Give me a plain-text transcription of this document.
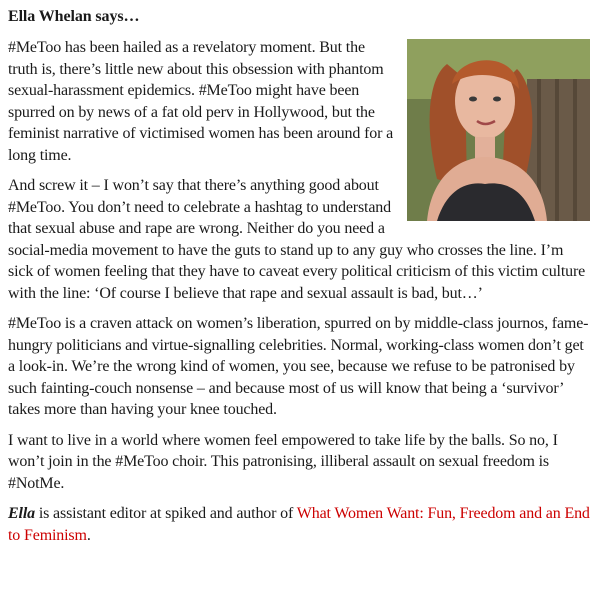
Ella Whelan says…

#MeToo has been hailed as a revelatory moment. But the truth is, there’s little new about this obsession with phantom sexual-harassment epidemics. #MeToo might have been spurred on by news of a fat old perv in Hollywood, but the feminist narrative of victimised women has been around for a long time.

And screw it – I won’t say that there’s anything good about #MeToo. You don’t need to celebrate a hashtag to understand that sexual abuse and rape are wrong. Neither do you need a social-media movement to have the guts to stand up to any guy who crosses the line. I’m sick of women feeling that they have to caveat every political criticism of this victim culture with the line: ‘Of course I believe that rape and sexual assault is bad, but…’

#MeToo is a craven attack on women’s liberation, spurred on by middle-class journos, fame-hungry politicians and virtue-signalling celebrities. Normal, working-class women don’t get a look-in. We’re the wrong kind of women, you see, because we refuse to be patronised by such fainting-couch nonsense – and because most of us will know that being a ‘survivor’ takes more than having your knee touched.

I want to live in a world where women feel empowered to take life by the balls. So no, I won’t join in the #MeToo choir. This patronising, illiberal assault on sexual freedom is #NotMe.

Ella is assistant editor at spiked and author of What Women Want: Fun, Freedom and an End to Feminism.
